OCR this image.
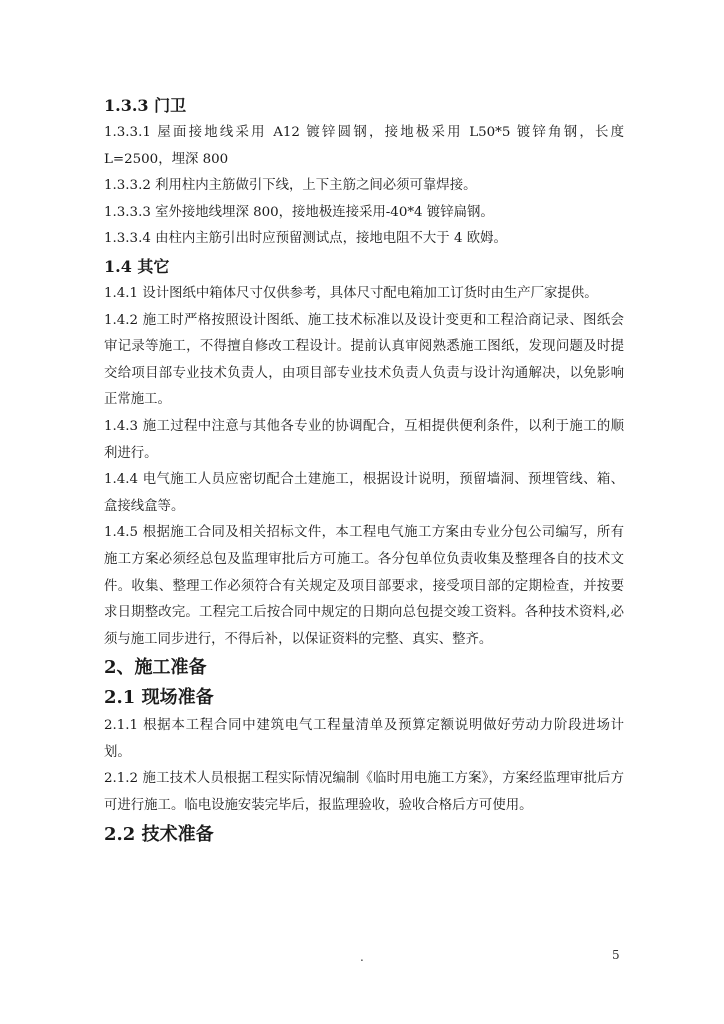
1.3.3 门卫

1.3.3.1 屋面接地线采用 A12 镀锌圆钢，接地极采用 L50*5 镀锌角钢，长度 L=2500，埋深 800

1.3.3.2 利用柱内主筋做引下线，上下主筋之间必须可靠焊接。

1.3.3.3 室外接地线埋深 800，接地极连接采用-40*4 镀锌扁钢。

1.3.3.4 由柱内主筋引出时应预留测试点，接地电阻不大于 4 欧姆。

1.4 其它

1.4.1 设计图纸中箱体尺寸仅供参考，具体尺寸配电箱加工订货时由生产厂家提供。

1.4.2 施工时严格按照设计图纸、施工技术标准以及设计变更和工程洽商记录、图纸会审记录等施工，不得擅自修改工程设计。提前认真审阅熟悉施工图纸，发现问题及时提交给项目部专业技术负责人，由项目部专业技术负责人负责与设计沟通解决，以免影响正常施工。

1.4.3 施工过程中注意与其他各专业的协调配合，互相提供便利条件，以利于施工的顺利进行。

1.4.4 电气施工人员应密切配合土建施工，根据设计说明，预留墙洞、预埋管线、箱、盒接线盒等。

1.4.5 根据施工合同及相关招标文件，本工程电气施工方案由专业分包公司编写，所有施工方案必须经总包及监理审批后方可施工。各分包单位负责收集及整理各自的技术文件。收集、整理工作必须符合有关规定及项目部要求，接受项目部的定期检查，并按要求日期整改完。工程完工后按合同中规定的日期向总包提交竣工资料。各种技术资料,必须与施工同步进行，不得后补，以保证资料的完整、真实、整齐。

2、施工准备
2.1 现场准备

2.1.1 根据本工程合同中建筑电气工程量清单及预算定额说明做好劳动力阶段进场计划。

2.1.2 施工技术人员根据工程实际情况编制《临时用电施工方案》，方案经监理审批后方可进行施工。临电设施安装完毕后，报监理验收，验收合格后方可使用。

2.2 技术准备
.	5
